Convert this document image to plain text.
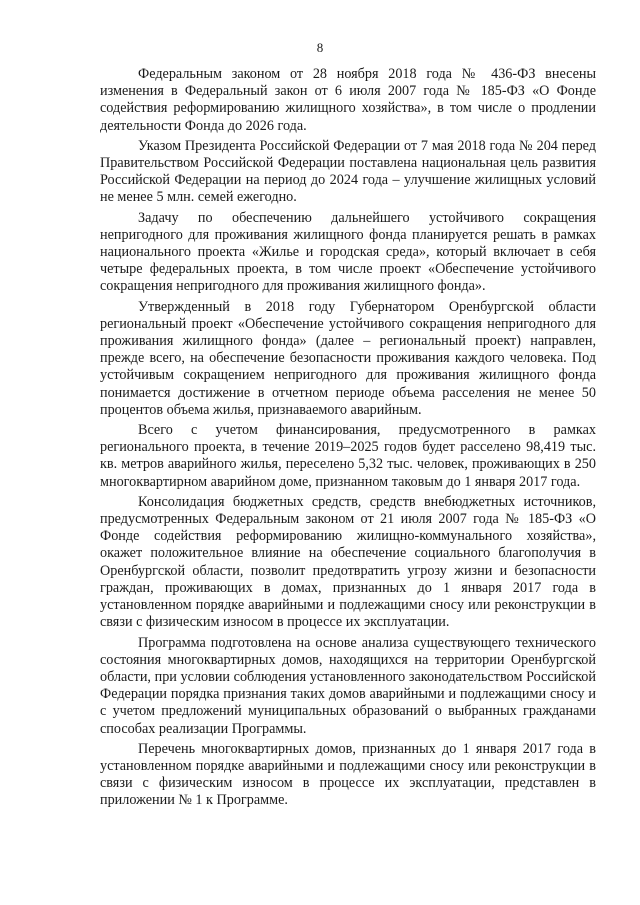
8

Федеральным законом от 28 ноября 2018 года № 436-ФЗ внесены изменения в Федеральный закон от 6 июля 2007 года № 185-ФЗ «О Фонде содействия реформированию жилищного хозяйства», в том числе о продлении деятельности Фонда до 2026 года.

Указом Президента Российской Федерации от 7 мая 2018 года № 204 перед Правительством Российской Федерации поставлена национальная цель развития Российской Федерации на период до 2024 года – улучшение жилищных условий не менее 5 млн. семей ежегодно.

Задачу по обеспечению дальнейшего устойчивого сокращения непригодного для проживания жилищного фонда планируется решать в рамках национального проекта «Жилье и городская среда», который включает в себя четыре федеральных проекта, в том числе проект «Обеспечение устойчивого сокращения непригодного для проживания жилищного фонда».

Утвержденный в 2018 году Губернатором Оренбургской области региональный проект «Обеспечение устойчивого сокращения непригодного для проживания жилищного фонда» (далее – региональный проект) направлен, прежде всего, на обеспечение безопасности проживания каждого человека. Под устойчивым сокращением непригодного для проживания жилищного фонда понимается достижение в отчетном периоде объема расселения не менее 50 процентов объема жилья, признаваемого аварийным.

Всего с учетом финансирования, предусмотренного в рамках регионального проекта, в течение 2019–2025 годов будет расселено 98,419 тыс. кв. метров аварийного жилья, переселено 5,32 тыс. человек, проживающих в 250 многоквартирном аварийном доме, признанном таковым до 1 января 2017 года.

Консолидация бюджетных средств, средств внебюджетных источников, предусмотренных Федеральным законом от 21 июля 2007 года № 185-ФЗ «О Фонде содействия реформированию жилищно-коммунального хозяйства», окажет положительное влияние на обеспечение социального благополучия в Оренбургской области, позволит предотвратить угрозу жизни и безопасности граждан, проживающих в домах, признанных до 1 января 2017 года в установленном порядке аварийными и подлежащими сносу или реконструкции в связи с физическим износом в процессе их эксплуатации.

Программа подготовлена на основе анализа существующего технического состояния многоквартирных домов, находящихся на территории Оренбургской области, при условии соблюдения установленного законодательством Российской Федерации порядка признания таких домов аварийными и подлежащими сносу и с учетом предложений муниципальных образований о выбранных гражданами способах реализации Программы.

Перечень многоквартирных домов, признанных до 1 января 2017 года в установленном порядке аварийными и подлежащими сносу или реконструкции в связи с физическим износом в процессе их эксплуатации, представлен в приложении № 1 к Программе.
